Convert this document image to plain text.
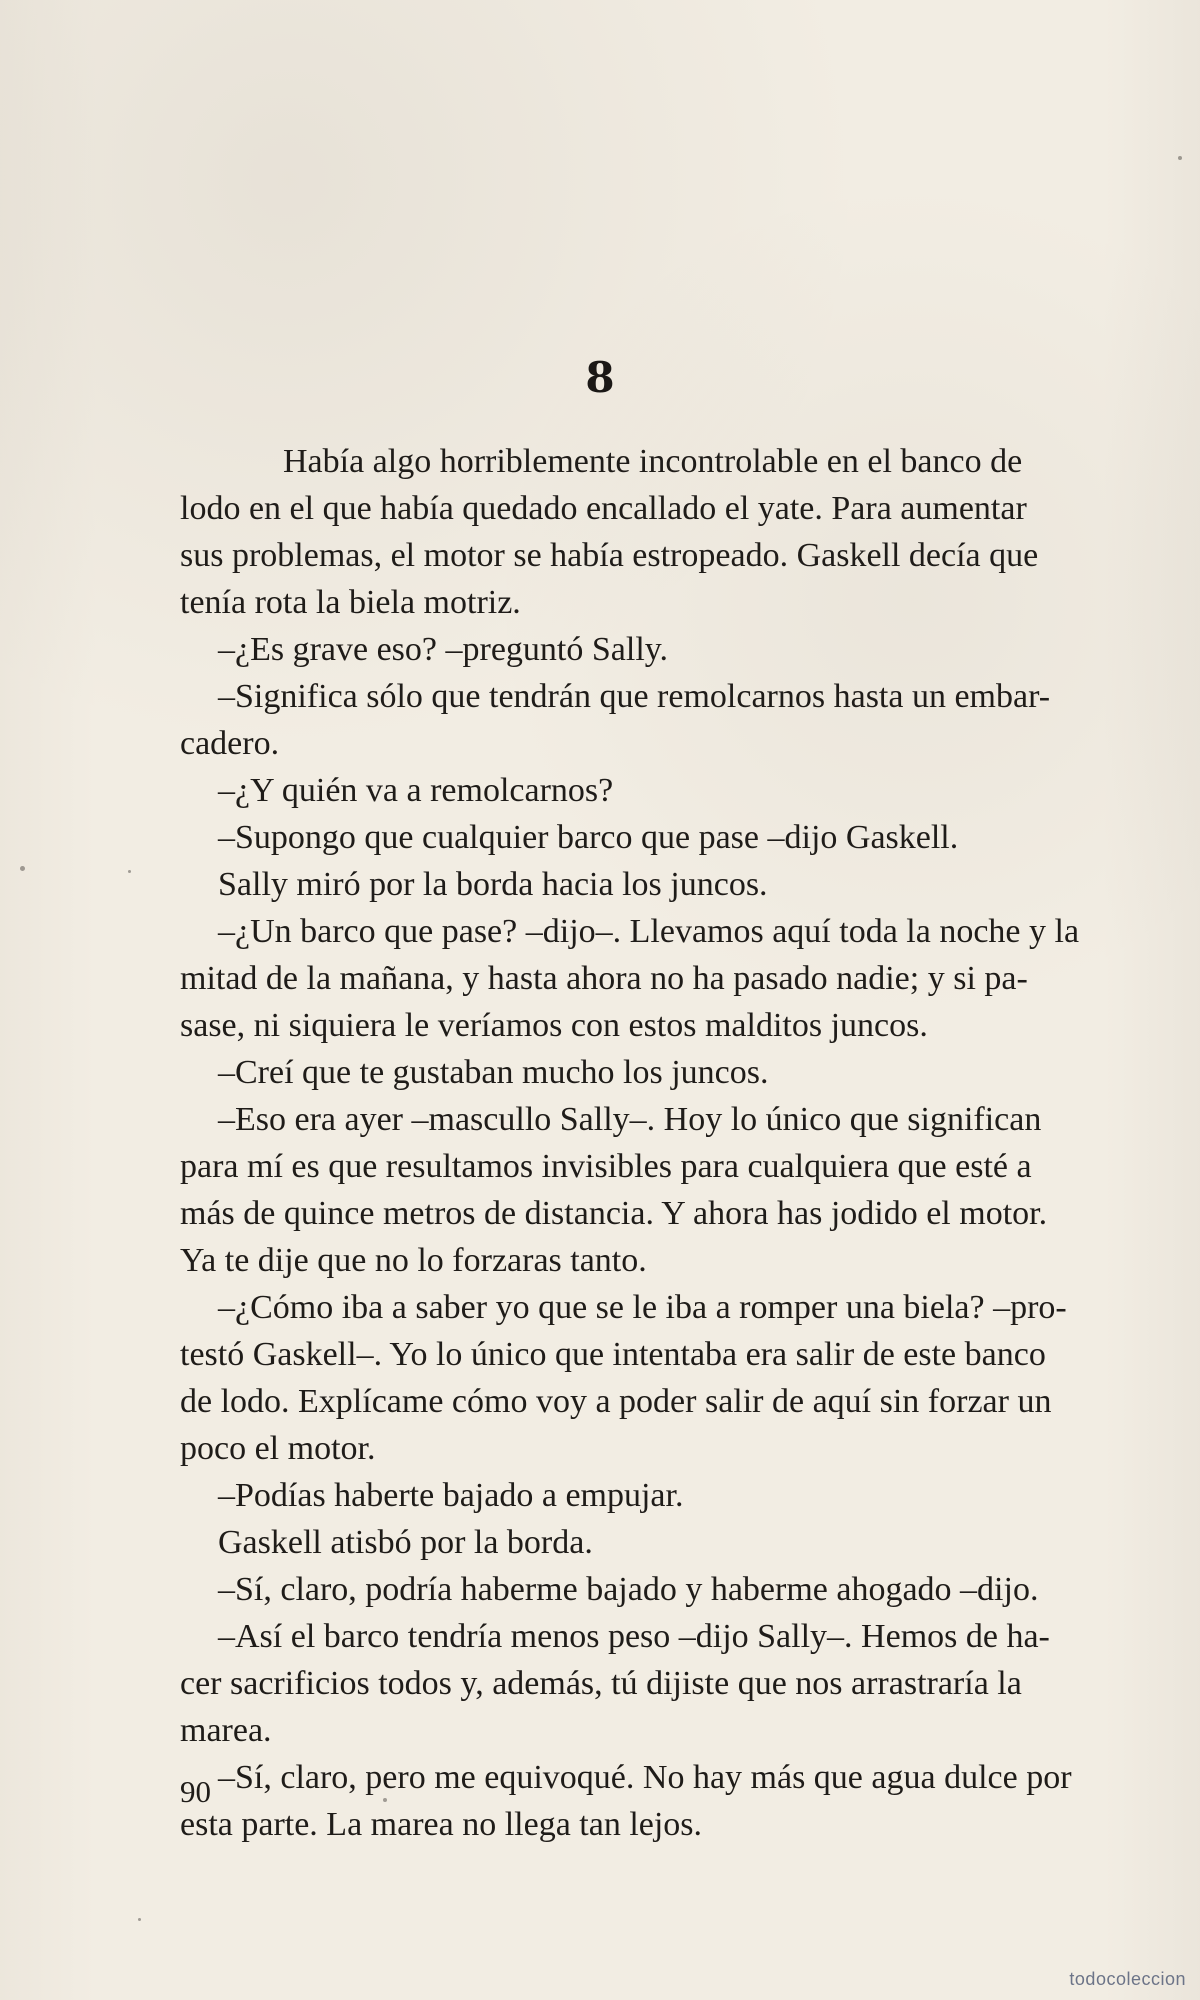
8
Había algo horriblemente incontrolable en el banco de
lodo en el que había quedado encallado el yate. Para aumentar
sus problemas, el motor se había estropeado. Gaskell decía que
tenía rota la biela motriz.
–¿Es grave eso? –preguntó Sally.
–Significa sólo que tendrán que remolcarnos hasta un embar-
cadero.
–¿Y quién va a remolcarnos?
–Supongo que cualquier barco que pase –dijo Gaskell.
Sally miró por la borda hacia los juncos.
–¿Un barco que pase? –dijo–. Llevamos aquí toda la noche y la
mitad de la mañana, y hasta ahora no ha pasado nadie; y si pa-
sase, ni siquiera le veríamos con estos malditos juncos.
–Creí que te gustaban mucho los juncos.
–Eso era ayer –mascullo Sally–. Hoy lo único que significan
para mí es que resultamos invisibles para cualquiera que esté a
más de quince metros de distancia. Y ahora has jodido el motor.
Ya te dije que no lo forzaras tanto.
–¿Cómo iba a saber yo que se le iba a romper una biela? –pro-
testó Gaskell–. Yo lo único que intentaba era salir de este banco
de lodo. Explícame cómo voy a poder salir de aquí sin forzar un
poco el motor.
–Podías haberte bajado a empujar.
Gaskell atisbó por la borda.
–Sí, claro, podría haberme bajado y haberme ahogado –dijo.
–Así el barco tendría menos peso –dijo Sally–. Hemos de ha-
cer sacrificios todos y, además, tú dijiste que nos arrastraría la
marea.
–Sí, claro, pero me equivoqué. No hay más que agua dulce por
esta parte. La marea no llega tan lejos.
90
todocoleccion
